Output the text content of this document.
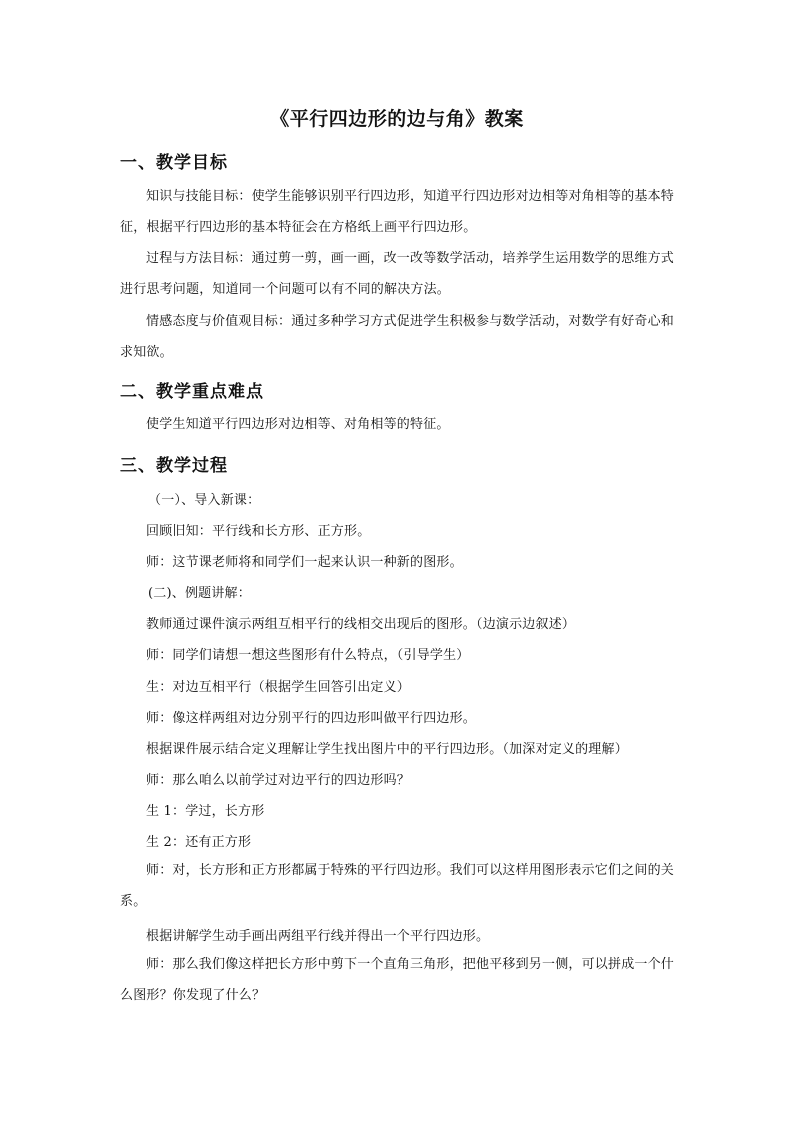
《平行四边形的边与角》教案
一、教学目标
知识与技能目标：使学生能够识别平行四边形，知道平行四边形对边相等对角相等的基本特征，根据平行四边形的基本特征会在方格纸上画平行四边形。
过程与方法目标：通过剪一剪，画一画，改一改等数学活动，培养学生运用数学的思维方式进行思考问题，知道同一个问题可以有不同的解决方法。
情感态度与价值观目标：通过多种学习方式促进学生积极参与数学活动，对数学有好奇心和求知欲。
二、教学重点难点
使学生知道平行四边形对边相等、对角相等的特征。
三、教学过程
（一）、导入新课：
回顾旧知：平行线和长方形、正方形。
师：这节课老师将和同学们一起来认识一种新的图形。
(二)、例题讲解：
教师通过课件演示两组互相平行的线相交出现后的图形。（边演示边叙述）
师：同学们请想一想这些图形有什么特点，（引导学生）
生：对边互相平行（根据学生回答引出定义）
师：像这样两组对边分别平行的四边形叫做平行四边形。
根据课件展示结合定义理解让学生找出图片中的平行四边形。（加深对定义的理解）
师：那么咱么以前学过对边平行的四边形吗？
生 1：学过，长方形
生 2：还有正方形
师：对，长方形和正方形都属于特殊的平行四边形。我们可以这样用图形表示它们之间的关系。
根据讲解学生动手画出两组平行线并得出一个平行四边形。
师：那么我们像这样把长方形中剪下一个直角三角形，把他平移到另一侧，可以拼成一个什么图形？你发现了什么？
